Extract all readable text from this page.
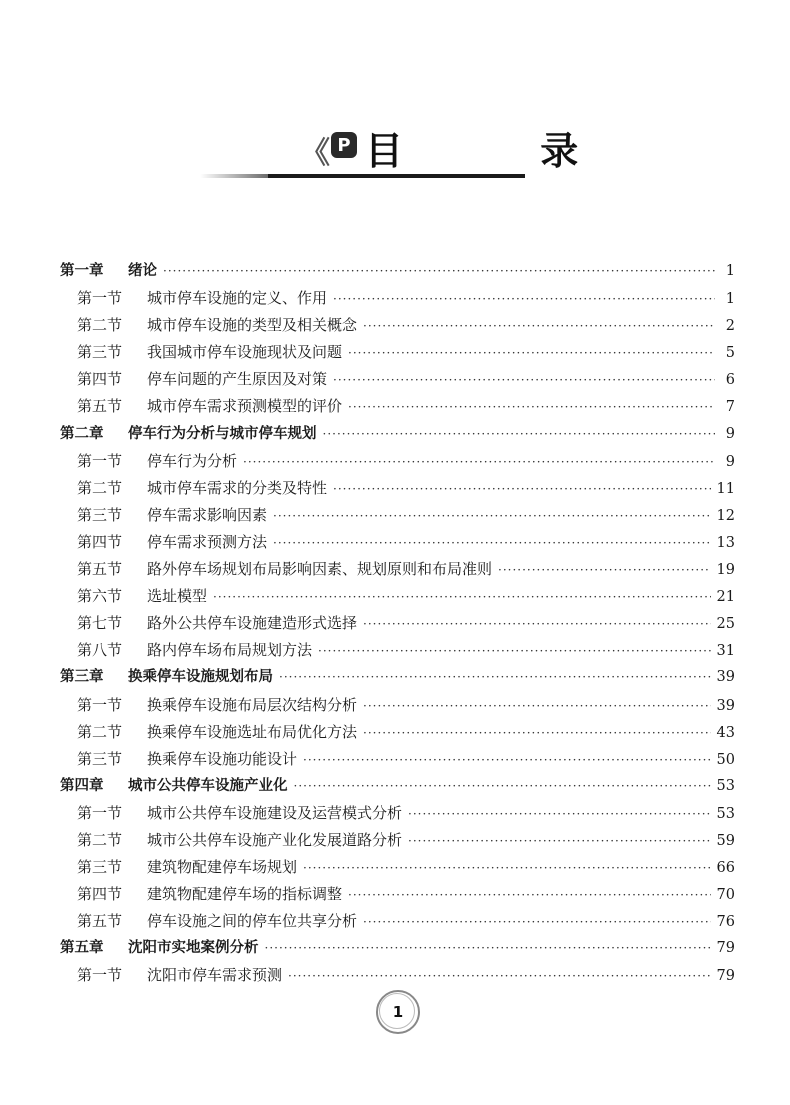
《 P 目 录
第一章	绪论 ·····	1
第一节	城市停车设施的定义、作用 ·····	1
第二节	城市停车设施的类型及相关概念 ·····	2
第三节	我国城市停车设施现状及问题 ·····	5
第四节	停车问题的产生原因及对策 ·····	6
第五节	城市停车需求预测模型的评价 ·····	7
第二章	停车行为分析与城市停车规划 ·····	9
第一节	停车行为分析 ·····	9
第二节	城市停车需求的分类及特性 ·····	11
第三节	停车需求影响因素 ·····	12
第四节	停车需求预测方法 ·····	13
第五节	路外停车场规划布局影响因素、规划原则和布局准则 ·····	19
第六节	选址模型 ·····	21
第七节	路外公共停车设施建造形式选择 ·····	25
第八节	路内停车场布局规划方法 ·····	31
第三章	换乘停车设施规划布局 ·····	39
第一节	换乘停车设施布局层次结构分析 ·····	39
第二节	换乘停车设施选址布局优化方法 ·····	43
第三节	换乘停车设施功能设计 ·····	50
第四章	城市公共停车设施产业化 ·····	53
第一节	城市公共停车设施建设及运营模式分析 ·····	53
第二节	城市公共停车设施产业化发展道路分析 ·····	59
第三节	建筑物配建停车场规划 ·····	66
第四节	建筑物配建停车场的指标调整 ·····	70
第五节	停车设施之间的停车位共享分析 ·····	76
第五章	沈阳市实地案例分析 ·····	79
第一节	沈阳市停车需求预测 ·····	79
1
